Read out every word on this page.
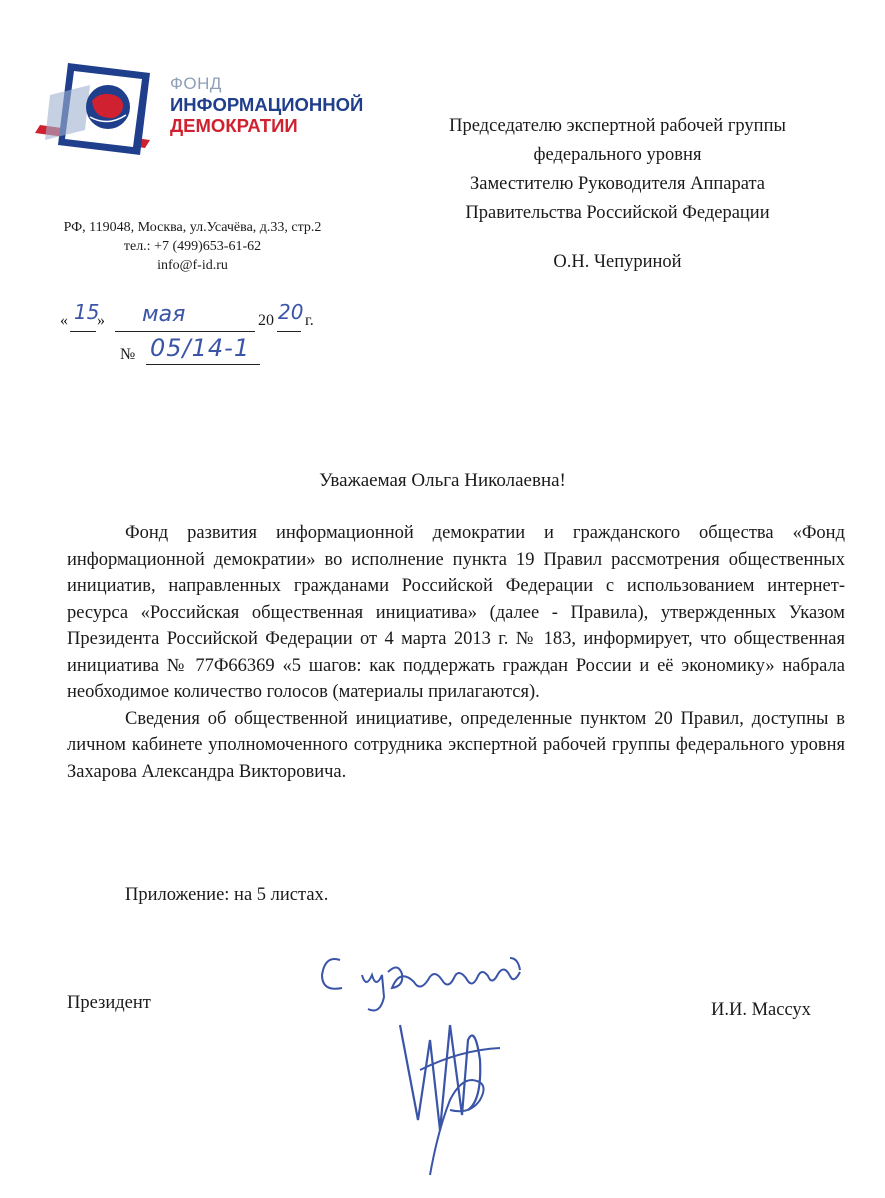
ФОНД
ИНФОРМАЦИОННОЙ
ДЕМОКРАТИИ
РФ, 119048, Москва, ул.Усачёва, д.33, стр.2
тел.: +7 (499)653-61-62
info@f-id.ru
Председателю экспертной рабочей группы
федерального уровня
Заместителю Руководителя Аппарата
Правительства Российской Федерации
О.Н. Чепуриной
« 15
» мая	20 20 г.
№ 05/14-1
Уважаемая Ольга Николаевна!

Фонд развития информационной демократии и гражданского общества «Фонд информационной демократии» во исполнение пункта 19 Правил рассмотрения общественных инициатив, направленных гражданами Российской Федерации с использованием интернет-ресурса «Российская общественная инициатива» (далее - Правила), утвержденных Указом Президента Российской Федерации от 4 марта 2013 г. № 183, информирует, что общественная инициатива № 77Ф66369 «5 шагов: как поддержать граждан России и её экономику» набрала необходимое количество голосов (материалы прилагаются).

Сведения об общественной инициативе, определенные пунктом 20 Правил, доступны в личном кабинете уполномоченного сотрудника экспертной рабочей группы федерального уровня Захарова Александра Викторовича.

Приложение: на 5 листах.
Президент	И.И. Массух
